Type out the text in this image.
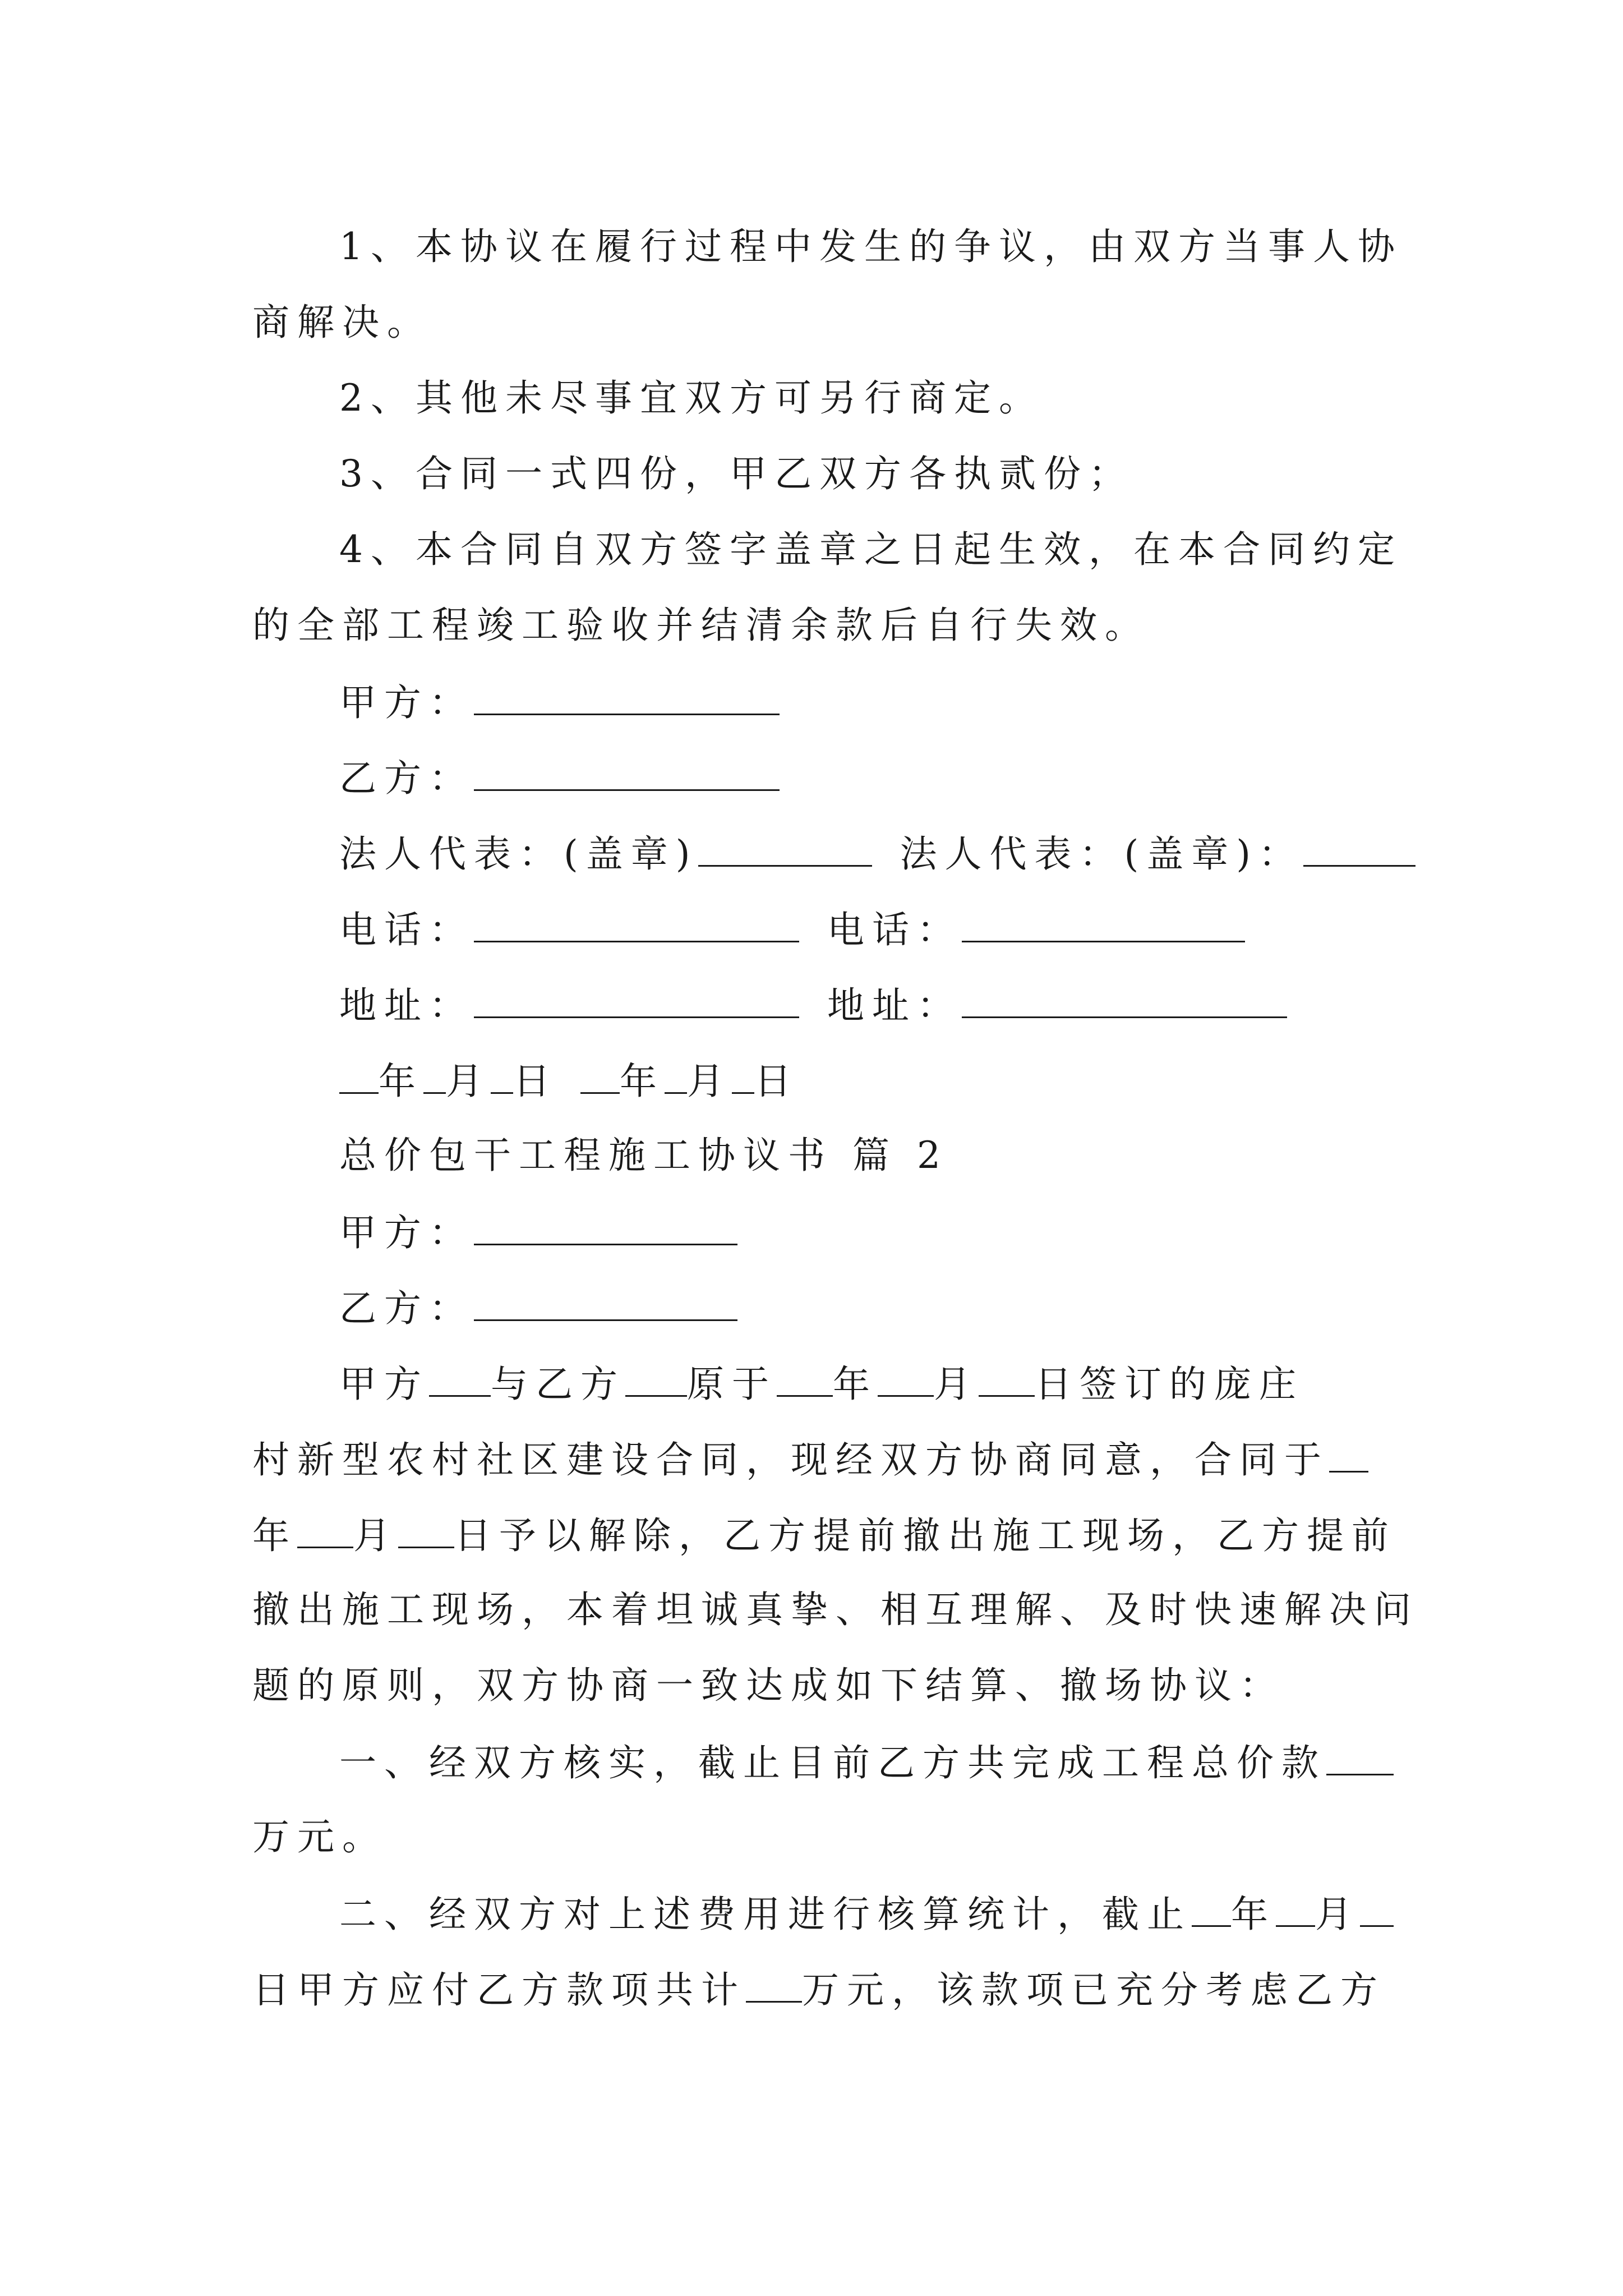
1、本协议在履行过程中发生的争议，由双方当事人协
商解决。
2、其他未尽事宜双方可另行商定。
3、合同一式四份，甲乙双方各执贰份；
4、本合同自双方签字盖章之日起生效，在本合同约定
的全部工程竣工验收并结清余款后自行失效。
甲方：
乙方：
法人代表：(盖章)	法人代表：(盖章)：
电话：	电话：
地址：	地址：
年 月 日 年 月 日
总价包干工程施工协议书 篇 2
甲方：
乙方：
甲方 与乙方 原于 年 月 日签订的庞庄
村新型农村社区建设合同，现经双方协商同意，合同于
年 月 日予以解除，乙方提前撤出施工现场，乙方提前
撤出施工现场，本着坦诚真挚、相互理解、及时快速解决问
题的原则，双方协商一致达成如下结算、撤场协议：
一、经双方核实，截止目前乙方共完成工程总价款
万元。
二、经双方对上述费用进行核算统计，截止 年 月
日甲方应付乙方款项共计 万元，该款项已充分考虑乙方
